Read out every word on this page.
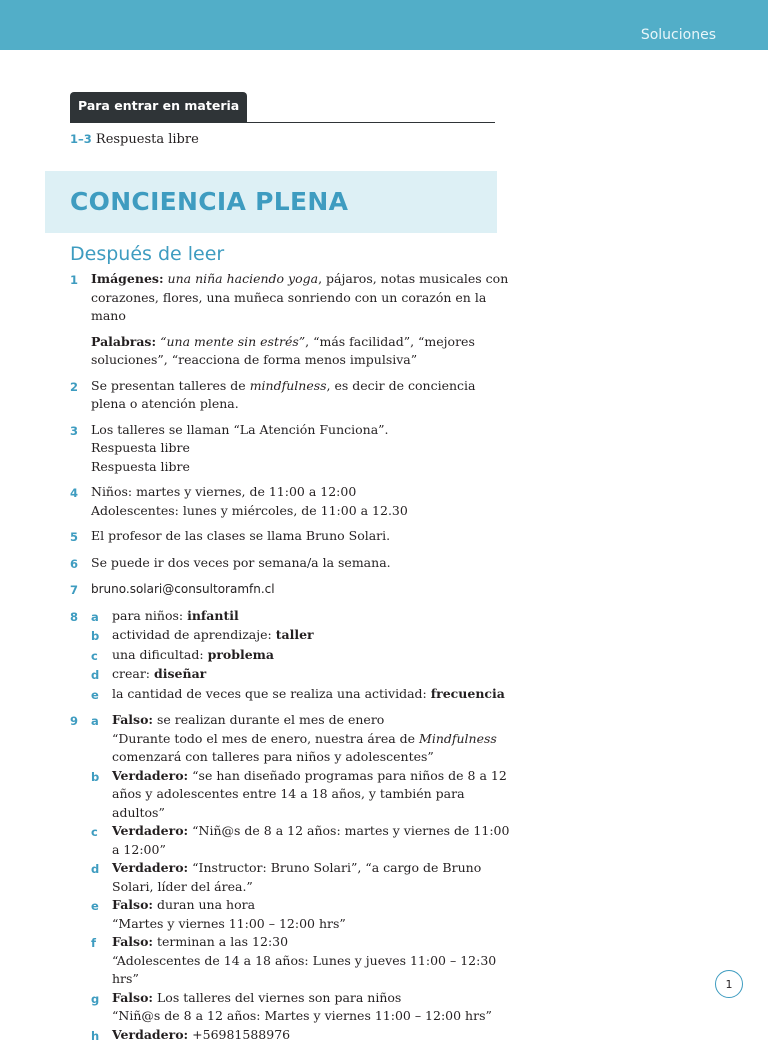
Soluciones
Para entrar en materia
1–3 Respuesta libre
CONCIENCIA PLENA
Después de leer
1	Imágenes: una niña haciendo yoga, pájaros, notas musicales con corazones, flores, una muñeca sonriendo con un corazón en la mano

Palabras: “una mente sin estrés”, “más facilidad”, “mejores soluciones”, “reacciona de forma menos impulsiva”

2	Se presentan talleres de mindfulness, es decir de conciencia plena o atención plena.
3	Los talleres se llaman “La Atención Funciona”.
Respuesta libre
Respuesta libre
4	Niños: martes y viernes, de 11:00 a 12:00
Adolescentes: lunes y miércoles, de 11:00 a 12.30
5	El profesor de las clases se llama Bruno Solari.
6	Se puede ir dos veces por semana/a la semana.
7	bruno.solari@consultoramfn.cl
8	a	para niños: infantil
b	actividad de aprendizaje: taller
c	una dificultad: problema
d	crear: diseñar
e	la cantidad de veces que se realiza una actividad: frecuencia
9	a	Falso: se realizan durante el mes de enero
“Durante todo el mes de enero, nuestra área de Mindfulness comenzará con talleres para niños y adolescentes”
b	Verdadero: “se han diseñado programas para niños de 8 a 12 años y adolescentes entre 14 a 18 años, y también para adultos”
c	Verdadero: “Niñ@s de 8 a 12 años: martes y viernes de 11:00 a 12:00”
d	Verdadero: “Instructor: Bruno Solari”, “a cargo de Bruno Solari, líder del área.”
e	Falso: duran una hora
“Martes y viernes 11:00 – 12:00 hrs”
f	Falso: terminan a las 12:30
“Adolescentes de 14 a 18 años: Lunes y jueves 11:00 – 12:30 hrs”
g	Falso: Los talleres del viernes son para niños
“Niñ@s de 8 a 12 años: Martes y viernes 11:00 – 12:00 hrs”
h	Verdadero: +56981588976
1
